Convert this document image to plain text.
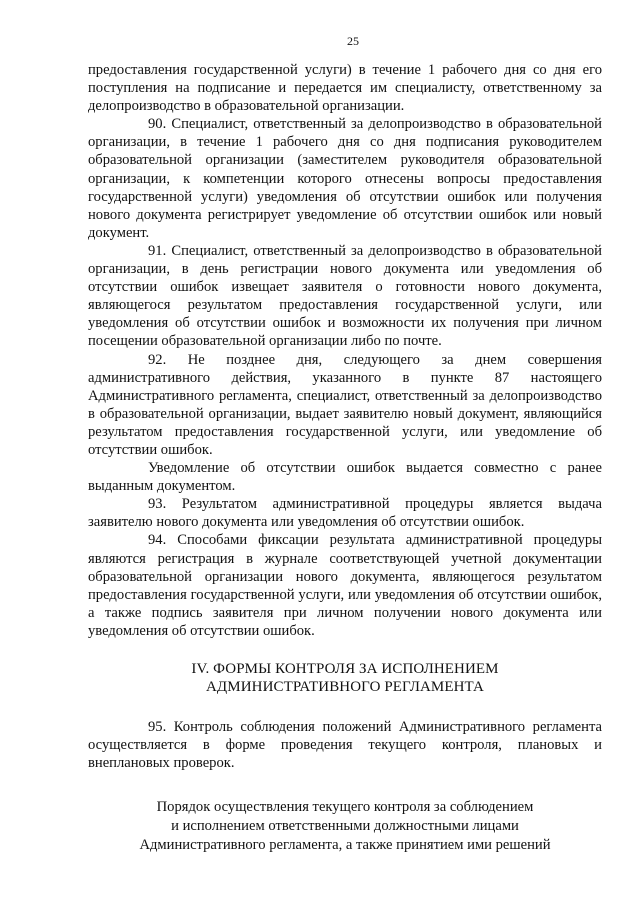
25

предоставления государственной услуги) в течение 1 рабочего дня со дня его поступления на подписание и передается им специалисту, ответственному за делопроизводство в образовательной организации.

90. Специалист, ответственный за делопроизводство в образовательной организации, в течение 1 рабочего дня со дня подписания руководителем образовательной организации (заместителем руководителя образовательной организации, к компетенции которого отнесены вопросы предоставления государственной услуги) уведомления об отсутствии ошибок или получения нового документа регистрирует уведомление об отсутствии ошибок или новый документ.

91. Специалист, ответственный за делопроизводство в образовательной организации, в день регистрации нового документа или уведомления об отсутствии ошибок извещает заявителя о готовности нового документа, являющегося результатом предоставления государственной услуги, или уведомления об отсутствии ошибок и возможности их получения при личном посещении образовательной организации либо по почте.

92. Не позднее дня, следующего за днем совершения административного действия, указанного в пункте 87 настоящего Административного регламента, специалист, ответственный за делопроизводство в образовательной организации, выдает заявителю новый документ, являющийся результатом предоставления государственной услуги, или уведомление об отсутствии ошибок.

Уведомление об отсутствии ошибок выдается совместно с ранее выданным документом.

93. Результатом административной процедуры является выдача заявителю нового документа или уведомления об отсутствии ошибок.

94. Способами фиксации результата административной процедуры являются регистрация в журнале соответствующей учетной документации образовательной организации нового документа, являющегося результатом предоставления государственной услуги, или уведомления об отсутствии ошибок, а также подпись заявителя при личном получении нового документа или уведомления об отсутствии ошибок.

IV. ФОРМЫ КОНТРОЛЯ ЗА ИСПОЛНЕНИЕМ
АДМИНИСТРАТИВНОГО РЕГЛАМЕНТА

95. Контроль соблюдения положений Административного регламента осуществляется в форме проведения текущего контроля, плановых и внеплановых проверок.

Порядок осуществления текущего контроля за соблюдением
и исполнением ответственными должностными лицами
Административного регламента, а также принятием ими решений
